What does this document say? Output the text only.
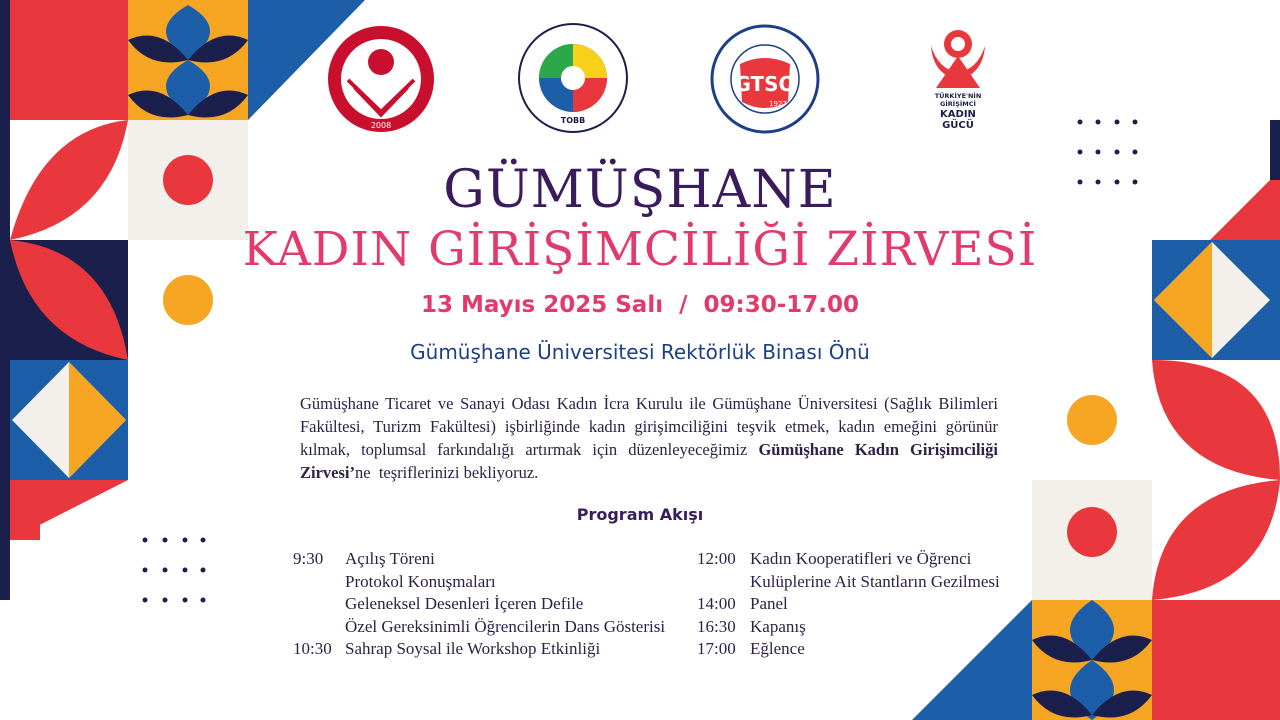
2008
TOBB
GTSO
1927
TÜRKİYE'NİN
GİRİŞİMCİ
KADIN
GÜCÜ
GÜMÜŞHANE
KADIN GİRİŞİMCİLİĞİ ZİRVESİ
13 Mayıs 2025 Salı  /  09:30-17.00
Gümüşhane Üniversitesi Rektörlük Binası Önü
Gümüşhane Ticaret ve Sanayi Odası Kadın İcra Kurulu ile Gümüşhane Üniversitesi (Sağlık Bilimleri Fakültesi, Turizm Fakültesi) işbirliğinde kadın girişimciliğini teşvik etmek, kadın emeğini görünür kılmak, toplumsal farkındalığı artırmak için düzenleyeceğimiz Gümüşhane Kadın Girişimciliği Zirvesi’ne  teşriflerinizi bekliyoruz.
Program Akışı
9:30 Açılış Töreni
Protokol Konuşmaları
Geleneksel Desenleri İçeren Defile
Özel Gereksinimli Öğrencilerin Dans Gösterisi
10:30 Sahrap Soysal ile Workshop Etkinliği
12:00 Kadın Kooperatifleri ve Öğrenci
Kulüplerine Ait Stantların Gezilmesi
14:00 Panel
16:30 Kapanış
17:00 Eğlence
